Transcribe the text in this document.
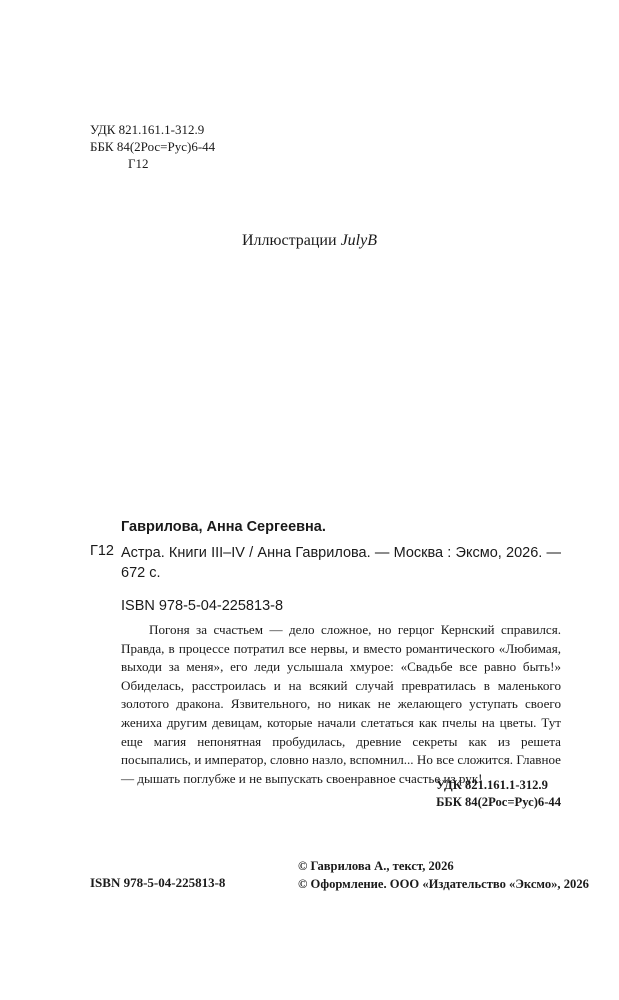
УДК 821.161.1-312.9
ББК 84(2Рос=Рус)6-44
Г12
Иллюстрации JulyB
Гаврилова, Анна Сергеевна.
Г12 Астра. Книги III–IV / Анна Гаврилова. — Москва : Эксмо, 2026. — 672 с.
ISBN 978-5-04-225813-8
Погоня за счастьем — дело сложное, но герцог Кернский справился. Правда, в процессе потратил все нервы, и вместо романтического «Любимая, выходи за меня», его леди услышала хмурое: «Свадьбе все равно быть!» Обиделась, расстроилась и на всякий случай превратилась в маленького золотого дракона. Язвительного, но никак не желающего уступать своего жениха другим девицам, которые начали слетаться как пчелы на цветы. Тут еще магия непонятная пробудилась, древние секреты как из решета посыпались, и император, словно назло, вспомнил... Но все сложится. Главное — дышать поглубже и не выпускать своенравное счастье из рук!
УДК 821.161.1-312.9
ББК 84(2Рос=Рус)6-44
ISBN 978-5-04-225813-8
© Гаврилова А., текст, 2026
© Оформление. ООО «Издательство «Эксмо», 2026
